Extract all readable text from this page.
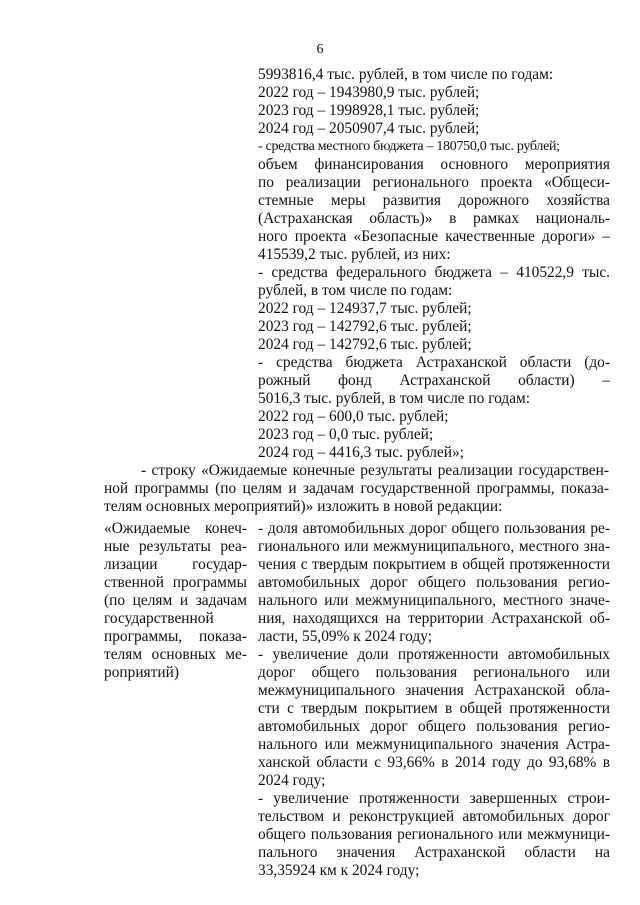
6
5993816,4 тыс. рублей, в том числе по годам:
2022 год – 1943980,9 тыс. рублей;
2023 год – 1998928,1 тыс. рублей;
2024 год – 2050907,4 тыс. рублей;
- средства местного бюджета – 180750,0 тыс. рублей;
объем финансирования основного мероприятия
по реализации регионального проекта «Общеси-
стемные меры развития дорожного хозяйства
(Астраханская область)» в рамках националь-
ного проекта «Безопасные качественные дороги» –
415539,2 тыс. рублей, из них:
- средства федерального бюджета – 410522,9 тыс.
рублей, в том числе по годам:
2022 год – 124937,7 тыс. рублей;
2023 год – 142792,6 тыс. рублей;
2024 год – 142792,6 тыс. рублей;
- средства бюджета Астраханской области (до-
рожный фонд Астраханской области) –
5016,3 тыс. рублей, в том числе по годам:
2022 год – 600,0 тыс. рублей;
2023 год – 0,0 тыс. рублей;
2024 год – 4416,3 тыс. рублей»;
- строку «Ожидаемые конечные результаты реализации государствен-
ной программы (по целям и задачам государственной программы, показа-
телям основных мероприятий)» изложить в новой редакции:
«Ожидаемые конеч-
ные результаты реа-
лизации государ-
ственной программы
(по целям и задачам
государственной
программы, показа-
телям основных ме-
роприятий)
- доля автомобильных дорог общего пользования ре-
гионального или межмуниципального, местного зна-
чения с твердым покрытием в общей протяженности
автомобильных дорог общего пользования регио-
нального или межмуниципального, местного значе-
ния, находящихся на территории Астраханской об-
ласти, 55,09% к 2024 году;
- увеличение доли протяженности автомобильных
дорог общего пользования регионального или
межмуниципального значения Астраханской обла-
сти с твердым покрытием в общей протяженности
автомобильных дорог общего пользования регио-
нального или межмуниципального значения Астра-
ханской области с 93,66% в 2014 году до 93,68% в
2024 году;
- увеличение протяженности завершенных строи-
тельством и реконструкцией автомобильных дорог
общего пользования регионального или межмуници-
пального значения Астраханской области на
33,35924 км к 2024 году;
